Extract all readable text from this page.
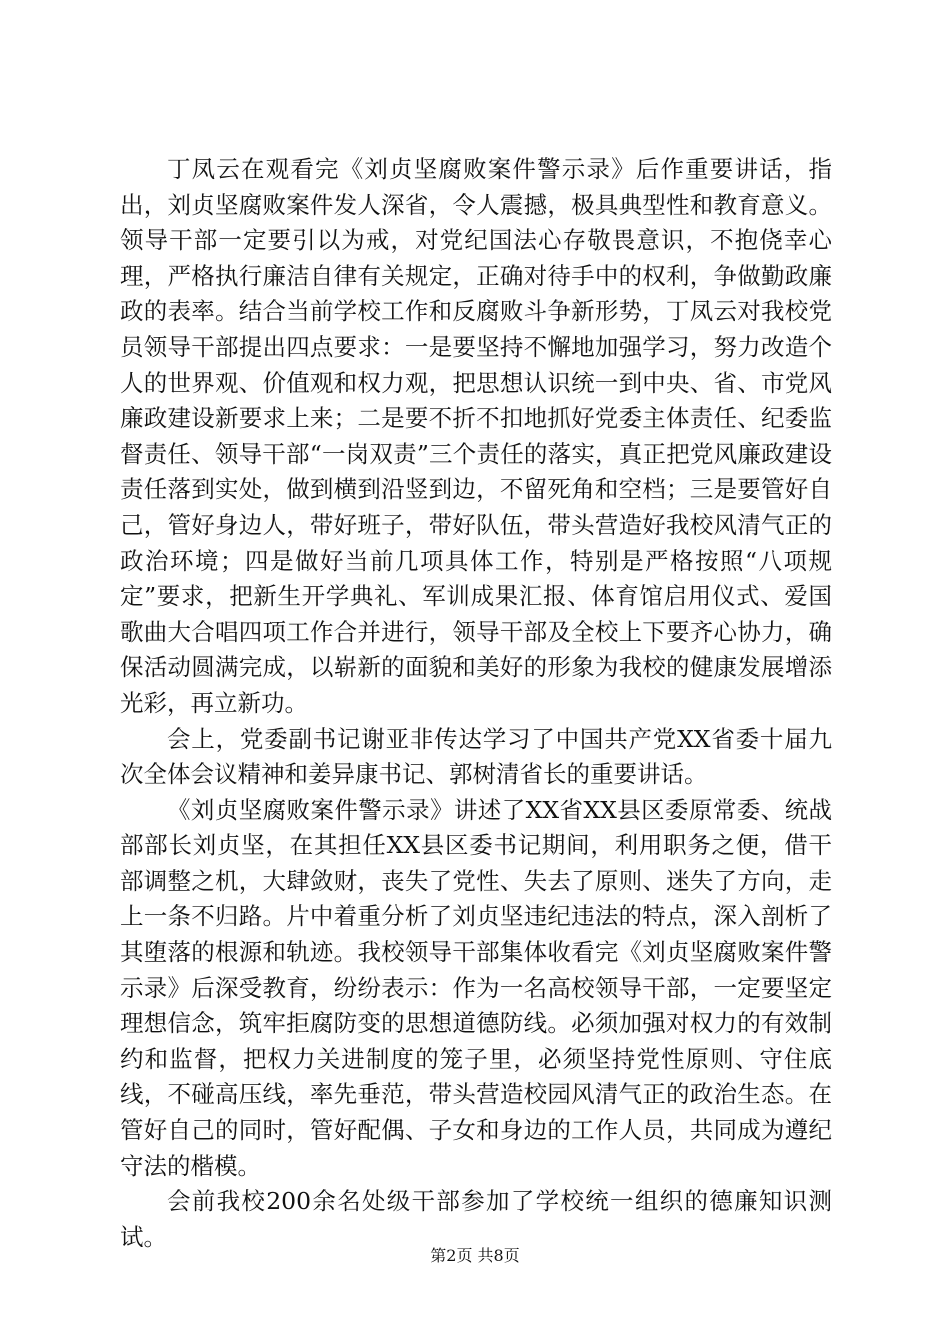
丁凤云在观看完《刘贞坚腐败案件警示录》后作重要讲话，指出，刘贞坚腐败案件发人深省，令人震撼，极具典型性和教育意义。领导干部一定要引以为戒，对党纪国法心存敬畏意识，不抱侥幸心理，严格执行廉洁自律有关规定，正确对待手中的权利，争做勤政廉政的表率。结合当前学校工作和反腐败斗争新形势，丁凤云对我校党员领导干部提出四点要求：一是要坚持不懈地加强学习，努力改造个人的世界观、价值观和权力观，把思想认识统一到中央、省、市党风廉政建设新要求上来；二是要不折不扣地抓好党委主体责任、纪委监督责任、领导干部“一岗双责”三个责任的落实，真正把党风廉政建设责任落到实处，做到横到沿竖到边，不留死角和空档；三是要管好自己，管好身边人，带好班子，带好队伍，带头营造好我校风清气正的政治环境；四是做好当前几项具体工作，特别是严格按照“八项规定”要求，把新生开学典礼、军训成果汇报、体育馆启用仪式、爱国歌曲大合唱四项工作合并进行，领导干部及全校上下要齐心协力，确保活动圆满完成，以崭新的面貌和美好的形象为我校的健康发展增添光彩，再立新功。

会上，党委副书记谢亚非传达学习了中国共产党XX省委十届九次全体会议精神和姜异康书记、郭树清省长的重要讲话。

《刘贞坚腐败案件警示录》讲述了XX省XX县区委原常委、统战部部长刘贞坚，在其担任XX县区委书记期间，利用职务之便，借干部调整之机，大肆敛财，丧失了党性、失去了原则、迷失了方向，走上一条不归路。片中着重分析了刘贞坚违纪违法的特点，深入剖析了其堕落的根源和轨迹。我校领导干部集体收看完《刘贞坚腐败案件警示录》后深受教育，纷纷表示：作为一名高校领导干部，一定要坚定理想信念，筑牢拒腐防变的思想道德防线。必须加强对权力的有效制约和监督，把权力关进制度的笼子里，必须坚持党性原则、守住底线，不碰高压线，率先垂范，带头营造校园风清气正的政治生态。在管好自己的同时，管好配偶、子女和身边的工作人员，共同成为遵纪守法的楷模。

会前我校200余名处级干部参加了学校统一组织的德廉知识测试。

第2页 共8页
